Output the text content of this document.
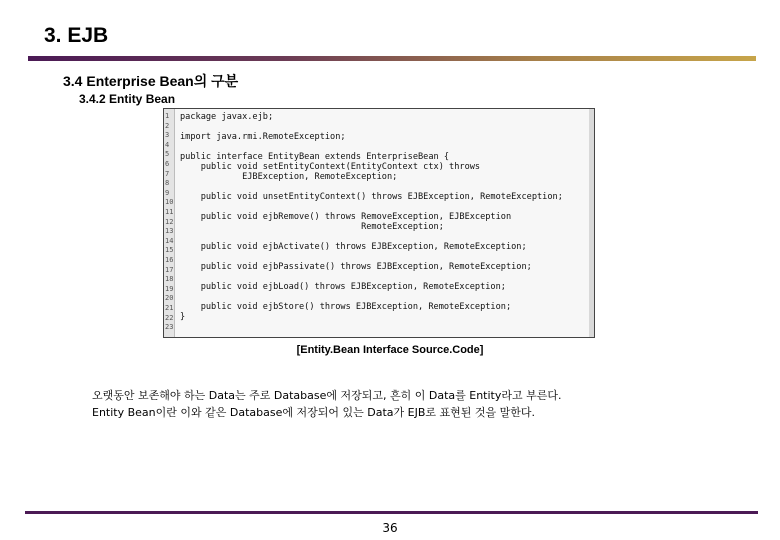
3. EJB
3.4 Enterprise Bean의 구분
3.4.2 Entity Bean
1
2
3
4
5
6
7
8
9
10
11
12
13
14
15
16
17
18
19
20
21
22
23
package javax.ejb;
import java.rmi.RemoteException;
public interface EntityBean extends EnterpriseBean {
public void setEntityContext(EntityContext ctx) throws
EJBException, RemoteException;
public void unsetEntityContext() throws EJBException, RemoteException;
public void ejbRemove() throws RemoveException, EJBException
RemoteException;
public void ejbActivate() throws EJBException, RemoteException;
public void ejbPassivate() throws EJBException, RemoteException;
public void ejbLoad() throws EJBException, RemoteException;
public void ejbStore() throws EJBException, RemoteException;
}
[Entity.Bean Interface Source.Code]
오랫동안 보존해야 하는 Data는 주로 Database에 저장되고, 흔히 이 Data를 Entity라고 부른다.
Entity Bean이란 이와 같은 Database에 저장되어 있는 Data가 EJB로 표현된 것을 말한다.
36
